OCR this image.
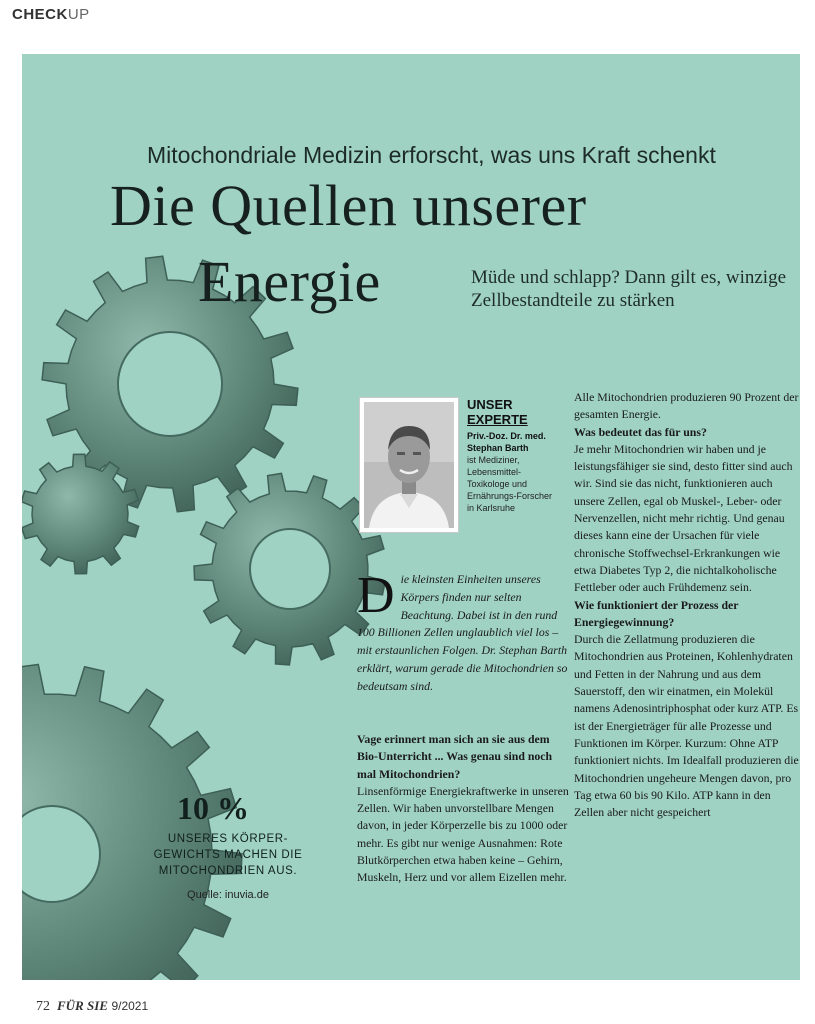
CHECKUP
Mitochondriale Medizin erforscht, was uns Kraft schenkt
Die Quellen unserer
Energie	Müde und schlapp? Dann gilt es, winzige Zellbestandteile zu stärken
UNSER
EXPERTE
Priv.-Doz. Dr. med.
Stephan Barth
ist Mediziner,
Lebensmittel-
Toxikologe und
Ernährungs-Forscher
in Karlsruhe
Die kleinsten Einheiten unseres Körpers finden nur selten Beachtung. Dabei ist in den rund 100 Billionen Zellen unglaublich viel los – mit erstaunlichen Folgen. Dr. Stephan Barth erklärt, warum gerade die Mitochondrien so bedeutsam sind.
Vage erinnert man sich an sie aus dem Bio-Unterricht ... Was genau sind noch mal Mitochondrien?
Linsenförmige Energiekraftwerke in unseren Zellen. Wir haben unvorstellbare Mengen davon, in jeder Körperzelle bis zu 1000 oder mehr. Es gibt nur wenige Ausnahmen: Rote Blutkörperchen etwa haben keine – Gehirn, Muskeln, Herz und vor allem Eizellen mehr.
Alle Mitochondrien produzieren 90 Prozent der gesamten Energie.
Was bedeutet das für uns?
Je mehr Mitochondrien wir haben und je leistungsfähiger sie sind, desto fitter sind auch wir. Sind sie das nicht, funktionieren auch unsere Zellen, egal ob Muskel-, Leber- oder Nervenzellen, nicht mehr richtig. Und genau dieses kann eine der Ursachen für viele chronische Stoffwechsel-Erkrankungen wie etwa Diabetes Typ 2, die nichtalkoholische Fettleber oder auch Frühdemenz sein.
Wie funktioniert der Prozess der Energiegewinnung?
Durch die Zellatmung produzieren die Mitochondrien aus Proteinen, Kohlenhydraten und Fetten in der Nahrung und aus dem Sauerstoff, den wir einatmen, ein Molekül namens Adenosintriphosphat oder kurz ATP. Es ist der Energieträger für alle Prozesse und Funktionen im Körper. Kurzum: Ohne ATP funktioniert nichts. Im Idealfall produzieren die Mitochondrien ungeheure Mengen davon, pro Tag etwa 60 bis 90 Kilo. ATP kann in den Zellen aber nicht gespeichert
10 %
UNSERES KÖRPER-
GEWICHTS MACHEN DIE
MITOCHONDRIEN AUS.
Quelle: inuvia.de
72 FÜR SIE 9/2021
